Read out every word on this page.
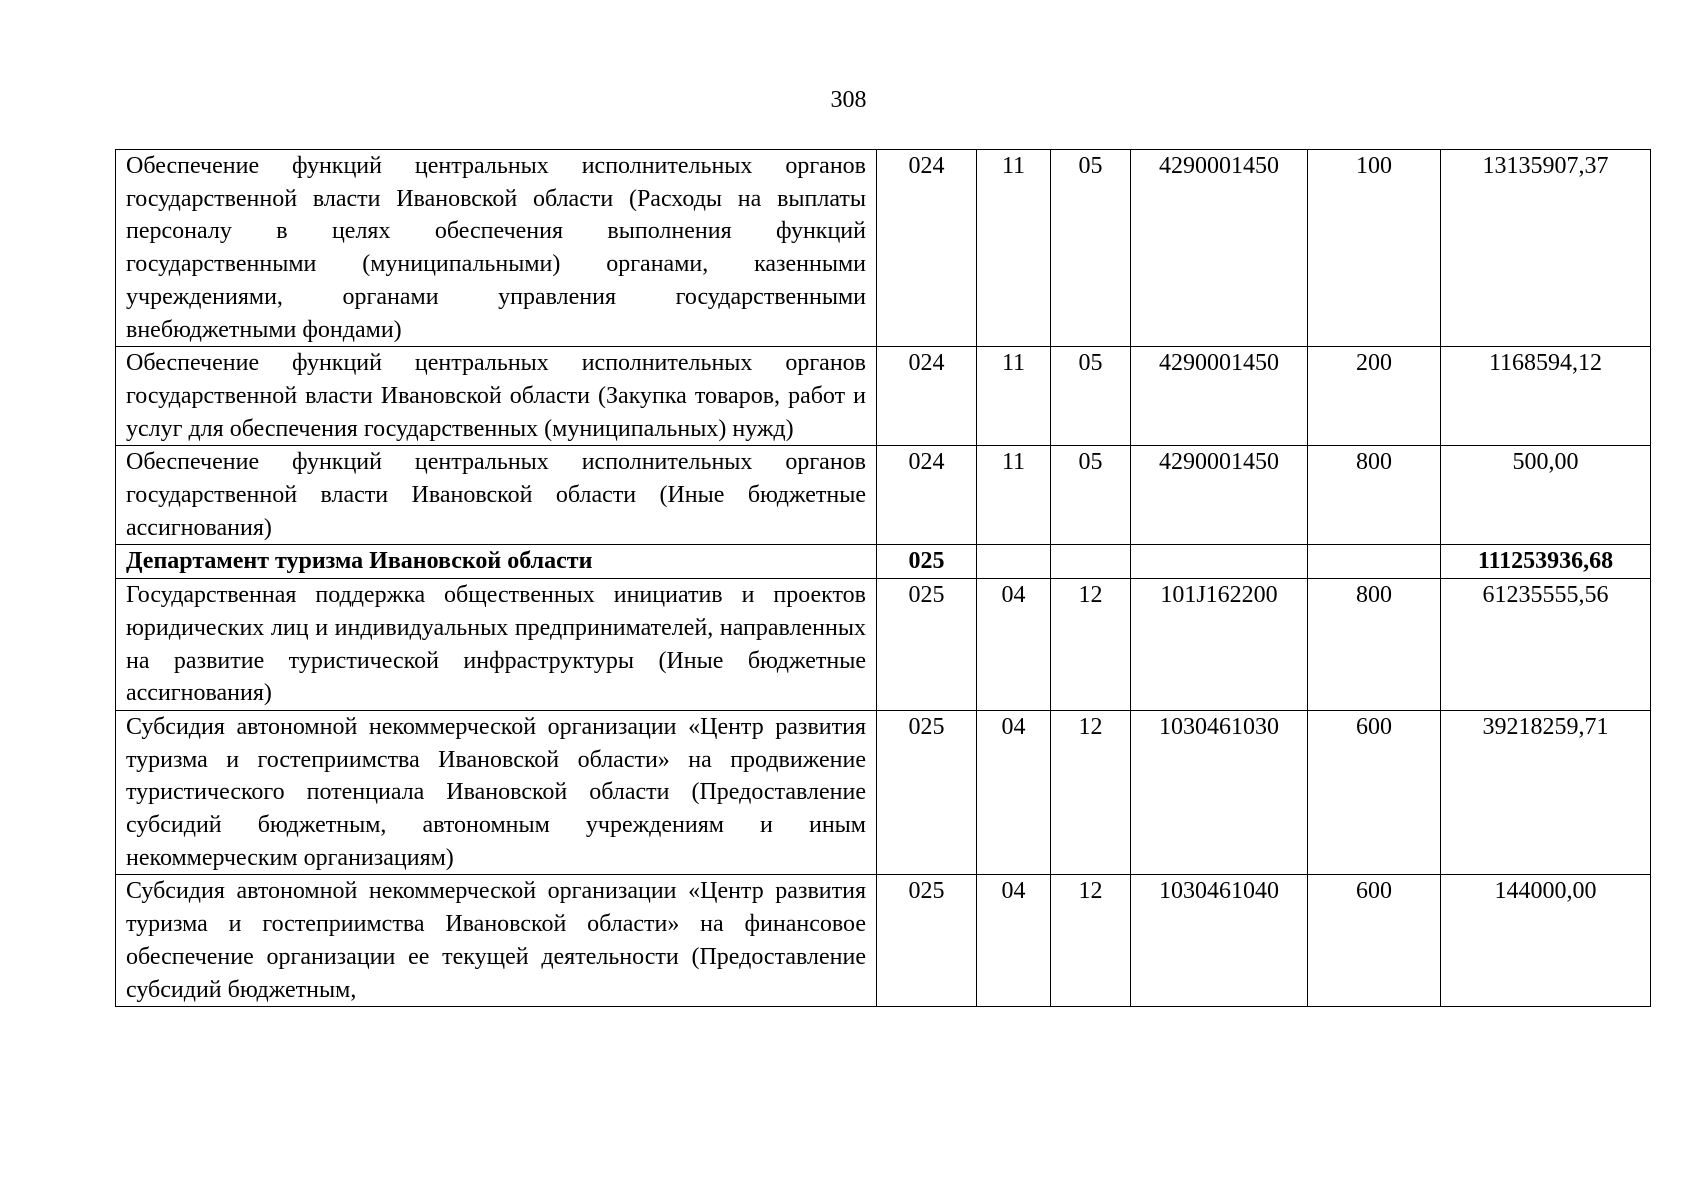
308
Обеспечение функций центральных исполнительных органов государственной власти Ивановской области (Расходы на выплаты персоналу в целях обеспечения выполнения функций государственными (муниципальными) органами, казенными учреждениями, органами управления государственными внебюджетными фондами)	024	11	05	4290001450	100	13135907,37
Обеспечение функций центральных исполнительных органов государственной власти Ивановской области (Закупка товаров, работ и услуг для обеспечения государственных (муниципальных) нужд)	024	11	05	4290001450	200	1168594,12
Обеспечение функций центральных исполнительных органов государственной власти Ивановской области (Иные бюджетные ассигнования)	024	11	05	4290001450	800	500,00
Департамент туризма Ивановской области	025					111253936,68
Государственная поддержка общественных инициатив и проектов юридических лиц и индивидуальных предпринимателей, направленных на развитие туристической инфраструктуры (Иные бюджетные ассигнования)	025	04	12	101J162200	800	61235555,56
Субсидия автономной некоммерческой организации «Центр развития туризма и гостеприимства Ивановской области» на продвижение туристического потенциала Ивановской области (Предоставление субсидий бюджетным, автономным учреждениям и иным некоммерческим организациям)	025	04	12	1030461030	600	39218259,71
Субсидия автономной некоммерческой организации «Центр развития туризма и гостеприимства Ивановской области» на финансовое обеспечение организации ее текущей деятельности (Предоставление субсидий бюджетным,	025	04	12	1030461040	600	144000,00
